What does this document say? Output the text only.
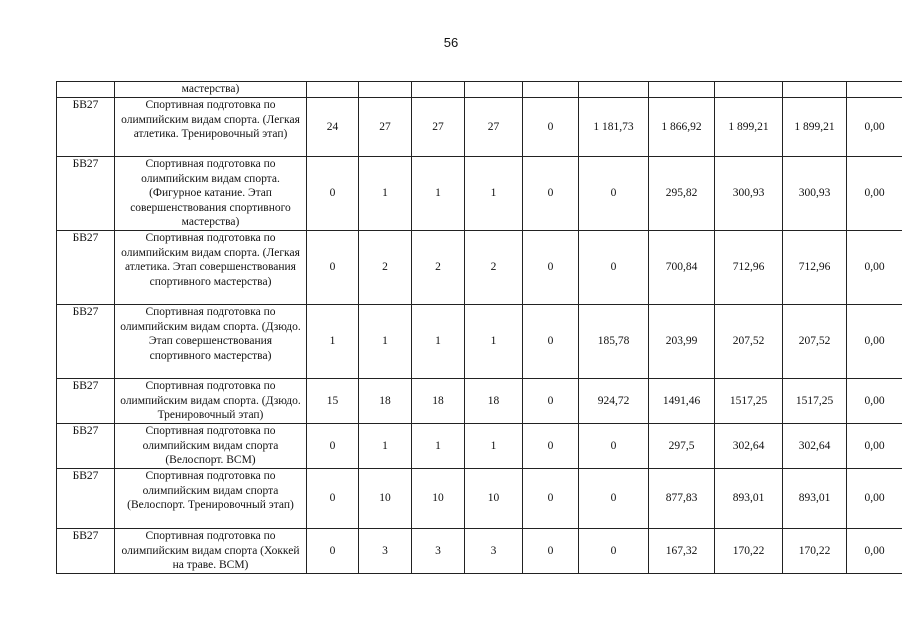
56
	мастерства)										
БВ27	Спортивная подготовка по олимпийским видам спорта. (Легкая атлетика. Тренировочный этап)	24	27	27	27	0	1 181,73	1 866,92	1 899,21	1 899,21	0,00
БВ27	Спортивная подготовка по олимпийским видам спорта. (Фигурное катание. Этап совершенствования спортивного мастерства)	0	1	1	1	0	0	295,82	300,93	300,93	0,00
БВ27	Спортивная подготовка по олимпийским видам спорта. (Легкая атлетика. Этап совершенствования спортивного мастерства)	0	2	2	2	0	0	700,84	712,96	712,96	0,00
БВ27	Спортивная подготовка по олимпийским видам спорта. (Дзюдо. Этап совершенствования спортивного мастерства)	1	1	1	1	0	185,78	203,99	207,52	207,52	0,00
БВ27	Спортивная подготовка по олимпийским видам спорта. (Дзюдо. Тренировочный этап)	15	18	18	18	0	924,72	1491,46	1517,25	1517,25	0,00
БВ27	Спортивная подготовка по олимпийским видам спорта (Велоспорт. ВСМ)	0	1	1	1	0	0	297,5	302,64	302,64	0,00
БВ27	Спортивная подготовка по олимпийским видам спорта (Велоспорт. Тренировочный этап)	0	10	10	10	0	0	877,83	893,01	893,01	0,00
БВ27	Спортивная подготовка по олимпийским видам спорта (Хоккей на траве. ВСМ)	0	3	3	3	0	0	167,32	170,22	170,22	0,00
